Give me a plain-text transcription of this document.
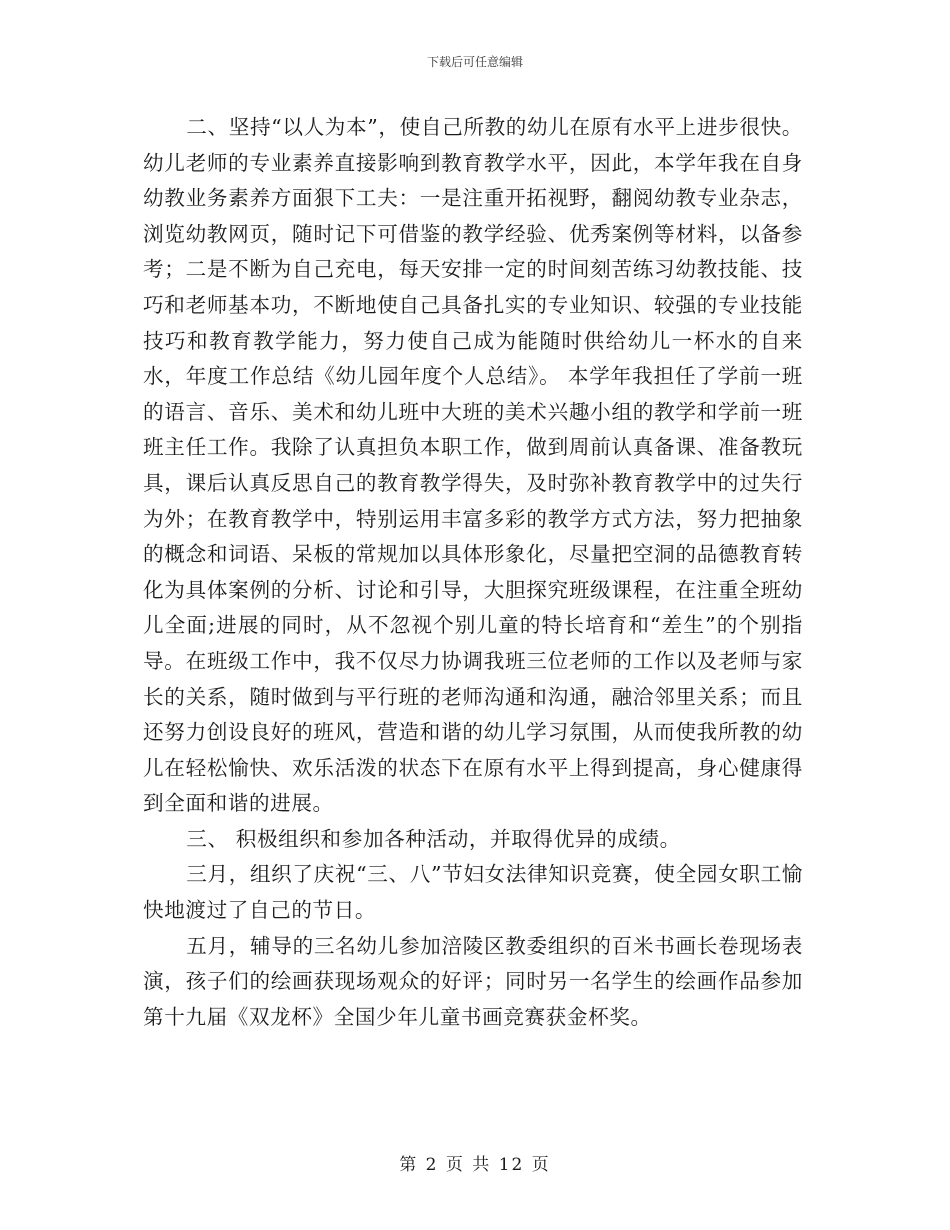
下载后可任意编辑

二、坚持“以人为本”，使自己所教的幼儿在原有水平上进步很快。 幼儿老师的专业素养直接影响到教育教学水平，因此，本学年我在自身幼教业务素养方面狠下工夫：一是注重开拓视野，翻阅幼教专业杂志，浏览幼教网页，随时记下可借鉴的教学经验、优秀案例等材料，以备参考；二是不断为自己充电，每天安排一定的时间刻苦练习幼教技能、技巧和老师基本功，不断地使自己具备扎实的专业知识、较强的专业技能技巧和教育教学能力，努力使自己成为能随时供给幼儿一杯水的自来水，年度工作总结《幼儿园年度个人总结》。 本学年我担任了学前一班的语言、音乐、美术和幼儿班中大班的美术兴趣小组的教学和学前一班班主任工作。我除了认真担负本职工作，做到周前认真备课、准备教玩具，课后认真反思自己的教育教学得失，及时弥补教育教学中的过失行为外；在教育教学中，特别运用丰富多彩的教学方式方法，努力把抽象的概念和词语、呆板的常规加以具体形象化，尽量把空洞的品德教育转化为具体案例的分析、讨论和引导，大胆探究班级课程，在注重全班幼儿全面;进展的同时，从不忽视个别儿童的特长培育和“差生”的个别指导。在班级工作中，我不仅尽力协调我班三位老师的工作以及老师与家长的关系，随时做到与平行班的老师沟通和沟通，融洽邻里关系；而且还努力创设良好的班风，营造和谐的幼儿学习氛围，从而使我所教的幼儿在轻松愉快、欢乐活泼的状态下在原有水平上得到提高，身心健康得到全面和谐的进展。

三、 积极组织和参加各种活动，并取得优异的成绩。

三月，组织了庆祝“三、八”节妇女法律知识竞赛，使全园女职工愉快地渡过了自己的节日。

五月，辅导的三名幼儿参加涪陵区教委组织的百米书画长卷现场表演，孩子们的绘画获现场观众的好评；同时另一名学生的绘画作品参加第十九届《双龙杯》全国少年儿童书画竞赛获金杯奖。

第 2 页 共 12 页
